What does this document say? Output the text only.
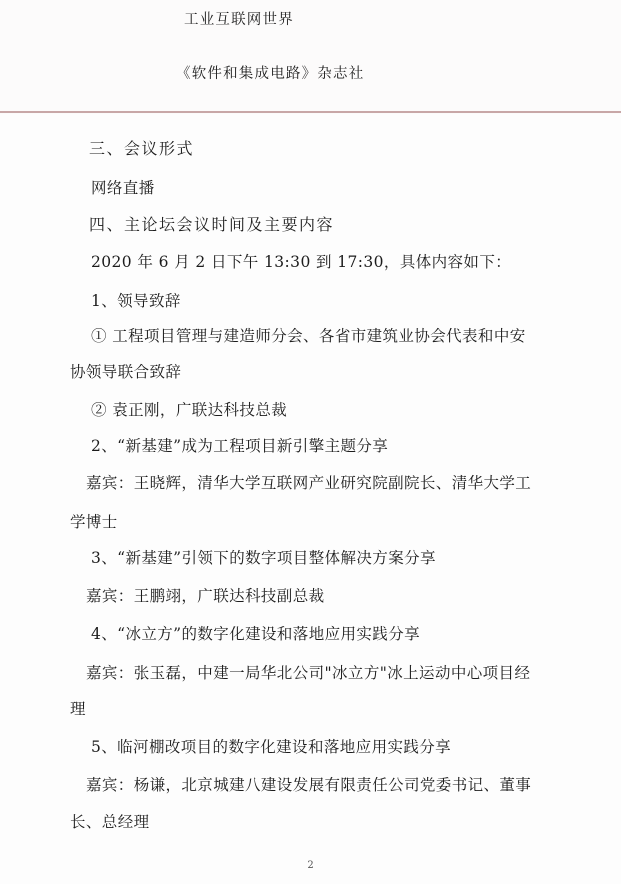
工业互联网世界
《软件和集成电路》杂志社
三、会议形式
网络直播
四、主论坛会议时间及主要内容
2020 年 6 月 2 日下午 13:30 到 17:30，具体内容如下：
1、领导致辞
① 工程项目管理与建造师分会、各省市建筑业协会代表和中安
协领导联合致辞
② 袁正刚，广联达科技总裁
2、“新基建”成为工程项目新引擎主题分享
嘉宾：王晓辉，清华大学互联网产业研究院副院长、清华大学工
学博士
3、“新基建”引领下的数字项目整体解决方案分享
嘉宾：王鹏翊，广联达科技副总裁
4、“冰立方”的数字化建设和落地应用实践分享
嘉宾：张玉磊，中建一局华北公司"冰立方"冰上运动中心项目经
理
5、临河棚改项目的数字化建设和落地应用实践分享
嘉宾：杨谦，北京城建八建设发展有限责任公司党委书记、董事
长、总经理
2
